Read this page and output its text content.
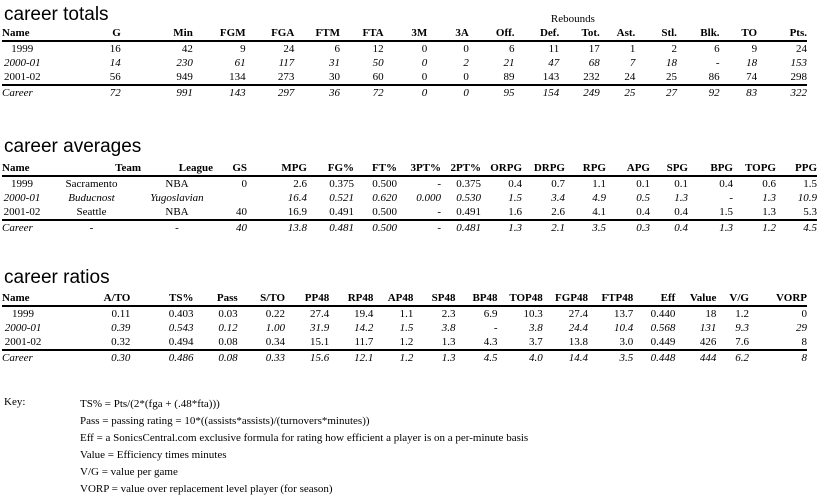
career totals
									Rebounds							
Name	G	Min	FGM	FGA	FTM	FTA	3M	3A	Off.	Def.	Tot.	Ast.	Stl.	Blk.	TO	Pts.
1999	16	42	9	24	6	12	0	0	6	11	17	1	2	6	9	24
2000-01	14	230	61	117	31	50	0	2	21	47	68	7	18	-	18	153
2001-02	56	949	134	273	30	60	0	0	89	143	232	24	25	86	74	298
Career	72	991	143	297	36	72	0	0	95	154	249	25	27	92	83	322
career averages
Name	Team	League	GS	MPG	FG%	FT%	3PT%	2PT%	ORPG	DRPG	RPG	APG	SPG	BPG	TOPG	PPG
1999	Sacramento	NBA	0	2.6	0.375	0.500	-	0.375	0.4	0.7	1.1	0.1	0.1	0.4	0.6	1.5
2000-01	Buducnost	Yugoslavian		16.4	0.521	0.620	0.000	0.530	1.5	3.4	4.9	0.5	1.3	-	1.3	10.9
2001-02	Seattle	NBA	40	16.9	0.491	0.500	-	0.491	1.6	2.6	4.1	0.4	0.4	1.5	1.3	5.3
Career	-	-	40	13.8	0.481	0.500	-	0.481	1.3	2.1	3.5	0.3	0.4	1.3	1.2	4.5
career ratios
Name	A/TO	TS%	Pass	S/TO	PP48	RP48	AP48	SP48	BP48	TOP48	FGP48	FTP48	Eff	Value	V/G	VORP
1999	0.11	0.403	0.03	0.22	27.4	19.4	1.1	2.3	6.9	10.3	27.4	13.7	0.440	18	1.2	0
2000-01	0.39	0.543	0.12	1.00	31.9	14.2	1.5	3.8	-	3.8	24.4	10.4	0.568	131	9.3	29
2001-02	0.32	0.494	0.08	0.34	15.1	11.7	1.2	1.3	4.3	3.7	13.8	3.0	0.449	426	7.6	8
Career	0.30	0.486	0.08	0.33	15.6	12.1	1.2	1.3	4.5	4.0	14.4	3.5	0.448	444	6.2	8
Key:	TS% = Pts/(2*(fga + (.48*fta)))
Pass = passing rating = 10*((assists*assists)/(turnovers*minutes))
Eff = a SonicsCentral.com exclusive formula for rating how efficient a player is on a per-minute basis
Value = Efficiency times minutes
V/G = value per game
VORP = value over replacement level player (for season)
